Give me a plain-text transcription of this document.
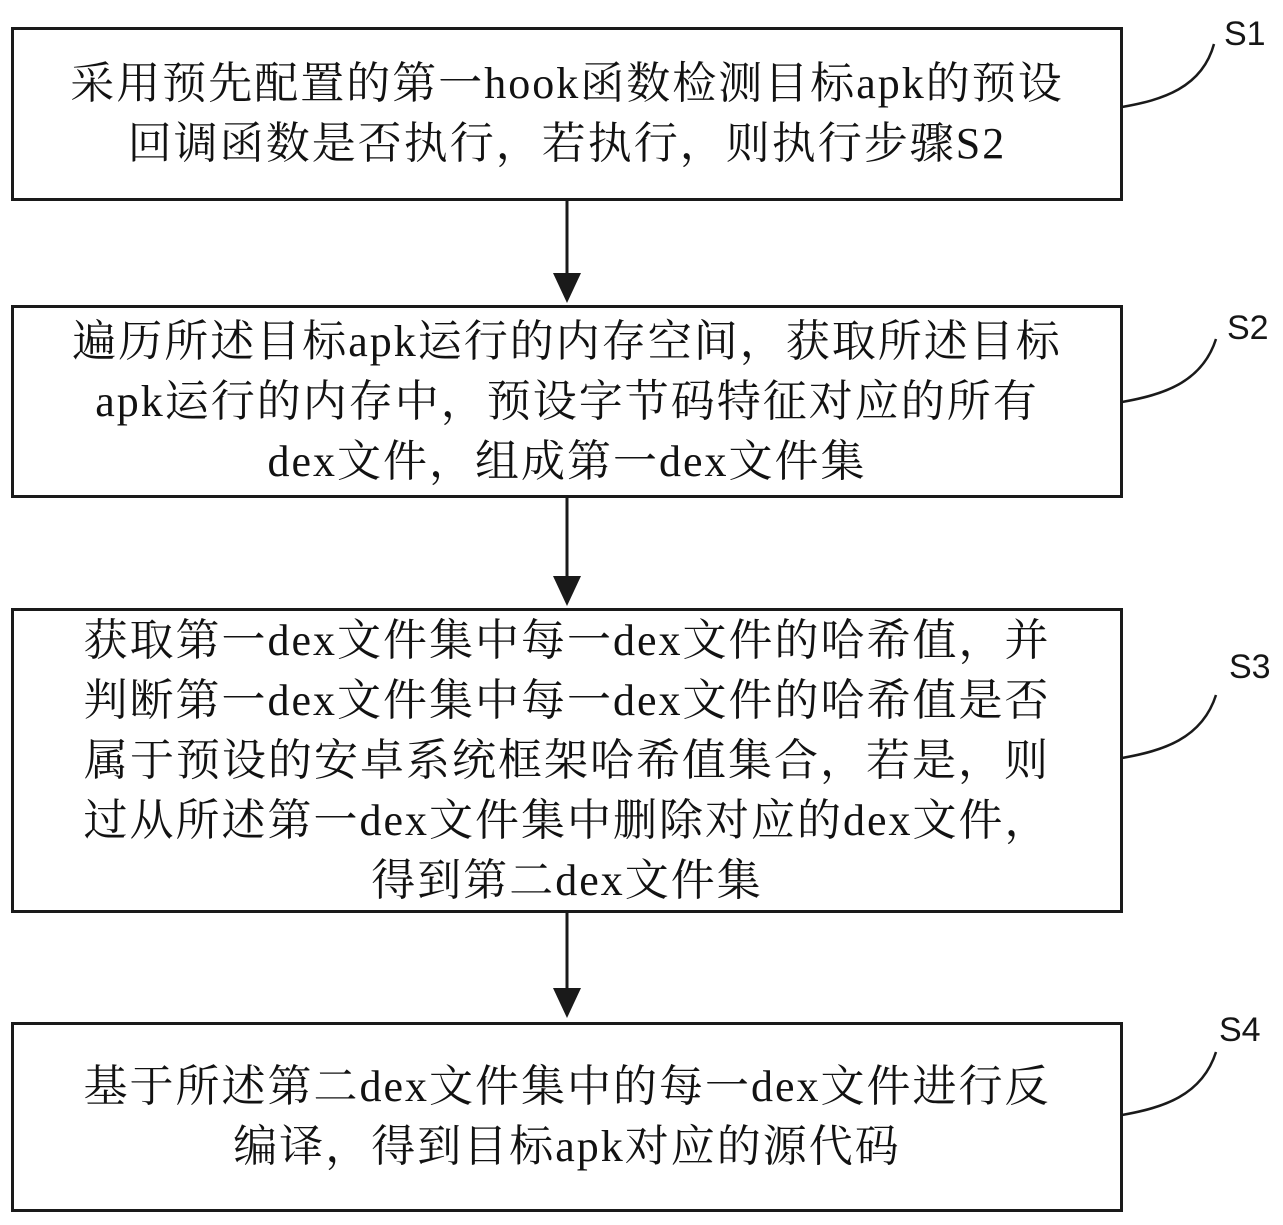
采用预先配置的第一hook函数检测目标apk的预设
回调函数是否执行，若执行，则执行步骤S2
遍历所述目标apk运行的内存空间，获取所述目标
apk运行的内存中，预设字节码特征对应的所有
dex文件，组成第一dex文件集
获取第一dex文件集中每一dex文件的哈希值，并
判断第一dex文件集中每一dex文件的哈希值是否
属于预设的安卓系统框架哈希值集合，若是，则
过从所述第一dex文件集中删除对应的dex文件，
得到第二dex文件集
基于所述第二dex文件集中的每一dex文件进行反
编译，得到目标apk对应的源代码
S1
S2
S3
S4
